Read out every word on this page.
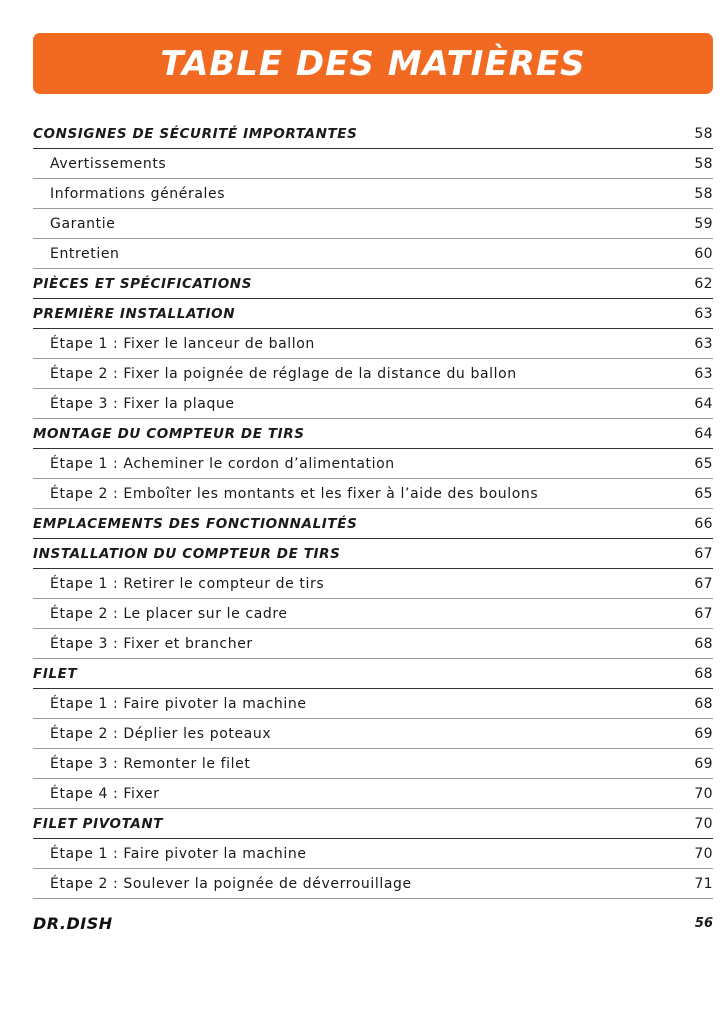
TABLE DES MATIÈRES
CONSIGNES DE SÉCURITÉ IMPORTANTES	58
Avertissements	58
Informations générales	58
Garantie	59
Entretien	60
PIÈCES ET SPÉCIFICATIONS	62
PREMIÈRE INSTALLATION	63
Étape 1 : Fixer le lanceur de ballon	63
Étape 2 : Fixer la poignée de réglage de la distance du ballon	63
Étape 3 : Fixer la plaque	64
MONTAGE DU COMPTEUR DE TIRS	64
Étape 1 : Acheminer le cordon d’alimentation	65
Étape 2 : Emboîter les montants et les fixer à l’aide des boulons	65
EMPLACEMENTS DES FONCTIONNALITÉS	66
INSTALLATION DU COMPTEUR DE TIRS	67
Étape 1 : Retirer le compteur de tirs	67
Étape 2 : Le placer sur le cadre	67
Étape 3 : Fixer et brancher	68
FILET	68
Étape 1 : Faire pivoter la machine	68
Étape 2 : Déplier les poteaux	69
Étape 3 : Remonter le filet	69
Étape 4 : Fixer	70
FILET PIVOTANT	70
Étape 1 : Faire pivoter la machine	70
Étape 2 : Soulever la poignée de déverrouillage	71
DR.DISH	56
